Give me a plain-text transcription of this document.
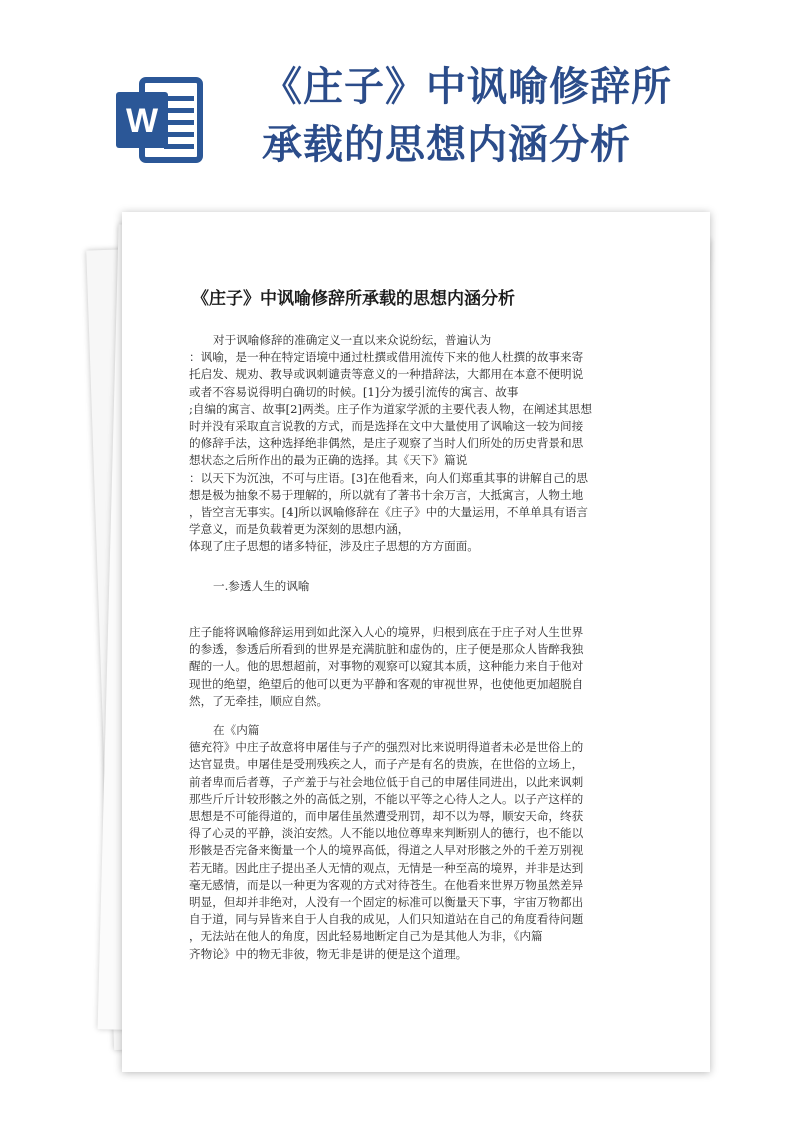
W
《庄子》中讽喻修辞所
承载的思想内涵分析
《庄子》中讽喻修辞所承载的思想内涵分析

对于讽喻修辞的准确定义一直以来众说纷纭，普遍认为
：讽喻，是一种在特定语境中通过杜撰或借用流传下来的他人杜撰的故事来寄
托启发、规劝、教导或讽刺谴责等意义的一种措辞法，大都用在本意不便明说
或者不容易说得明白确切的时候。[1]分为援引流传的寓言、故事
;自编的寓言、故事[2]两类。庄子作为道家学派的主要代表人物，在阐述其思想
时并没有采取直言说教的方式，而是选择在文中大量使用了讽喻这一较为间接
的修辞手法，这种选择绝非偶然，是庄子观察了当时人们所处的历史背景和思
想状态之后所作出的最为正确的选择。其《天下》篇说
：以天下为沉浊，不可与庄语。[3]在他看来，向人们郑重其事的讲解自己的思
想是极为抽象不易于理解的，所以就有了著书十余万言，大抵寓言，人物土地
，皆空言无事实。[4]所以讽喻修辞在《庄子》中的大量运用，不单单具有语言
学意义，而是负载着更为深刻的思想内涵，
体现了庄子思想的诸多特征，涉及庄子思想的方方面面。

一.参透人生的讽喻

庄子能将讽喻修辞运用到如此深入人心的境界，归根到底在于庄子对人生世界
的参透，参透后所看到的世界是充满肮脏和虚伪的，庄子便是那众人皆醉我独
醒的一人。他的思想超前，对事物的观察可以窥其本质，这种能力来自于他对
现世的绝望，绝望后的他可以更为平静和客观的审视世界，也使他更加超脱自
然，了无牵挂，顺应自然。

在《内篇
德充符》中庄子故意将申屠佳与子产的强烈对比来说明得道者未必是世俗上的
达官显贵。申屠佳是受刑残疾之人，而子产是有名的贵族，在世俗的立场上，
前者卑而后者尊，子产羞于与社会地位低于自己的申屠佳同进出，以此来讽刺
那些斤斤计较形骸之外的高低之别，不能以平等之心待人之人。以子产这样的
思想是不可能得道的，而申屠佳虽然遭受刑罚，却不以为辱，顺安天命，终获
得了心灵的平静，淡泊安然。人不能以地位尊卑来判断别人的德行，也不能以
形骸是否完备来衡量一个人的境界高低，得道之人早对形骸之外的千差万别视
若无睹。因此庄子提出圣人无情的观点，无情是一种至高的境界，并非是达到
毫无感情，而是以一种更为客观的方式对待苍生。在他看来世界万物虽然差异
明显，但却并非绝对，人没有一个固定的标准可以衡量天下事，宇宙万物都出
自于道，同与异皆来自于人自我的成见，人们只知道站在自己的角度看待问题
，无法站在他人的角度，因此轻易地断定自己为是其他人为非，《内篇
齐物论》中的物无非彼，物无非是讲的便是这个道理。
